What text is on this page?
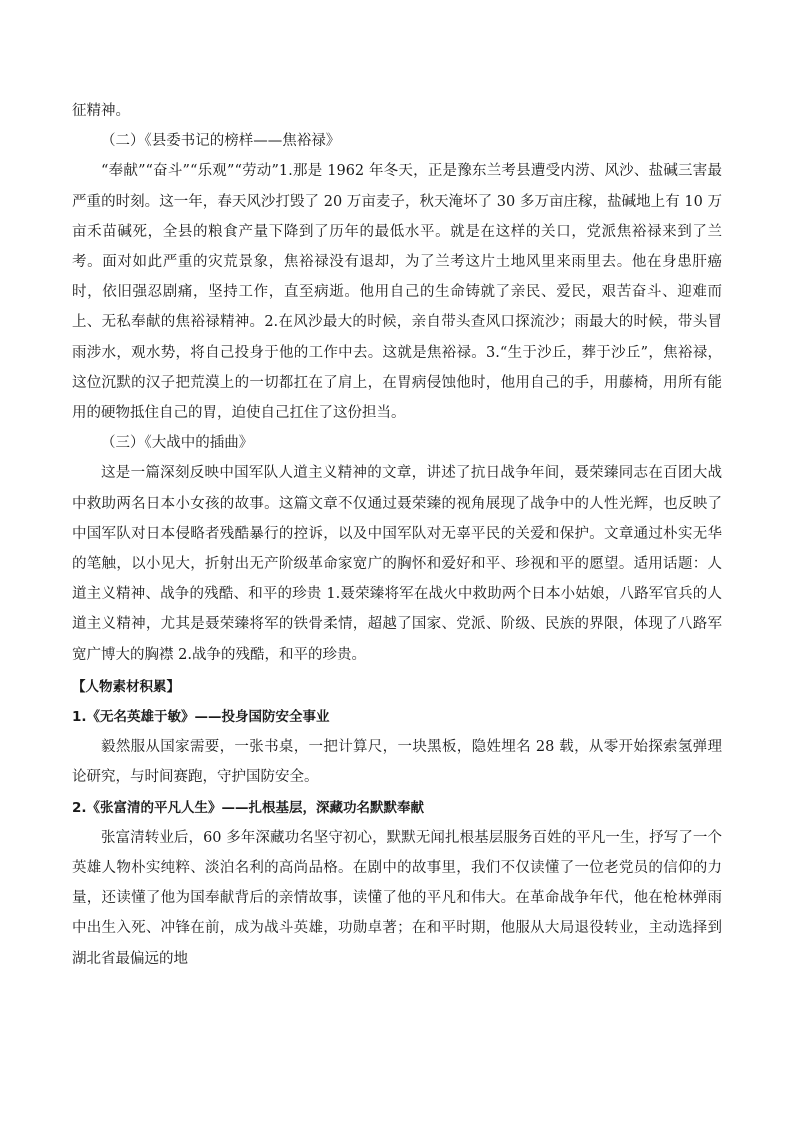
征精神。

（二）《县委书记的榜样——焦裕禄》

“奉献”“奋斗”“乐观”“劳动”1.那是 1962 年冬天，正是豫东兰考县遭受内涝、风沙、盐碱三害最严重的时刻。这一年，春天风沙打毁了 20 万亩麦子，秋天淹坏了 30 多万亩庄稼，盐碱地上有 10 万亩禾苗碱死，全县的粮食产量下降到了历年的最低水平。就是在这样的关口，党派焦裕禄来到了兰考。面对如此严重的灾荒景象，焦裕禄没有退却，为了兰考这片土地风里来雨里去。他在身患肝癌时，依旧强忍剧痛，坚持工作，直至病逝。他用自己的生命铸就了亲民、爱民，艰苦奋斗、迎难而上、无私奉献的焦裕禄精神。2.在风沙最大的时候，亲自带头查风口探流沙；雨最大的时候，带头冒雨涉水，观水势，将自己投身于他的工作中去。这就是焦裕禄。3.“生于沙丘，葬于沙丘”，焦裕禄，这位沉默的汉子把荒漠上的一切都扛在了肩上，在胃病侵蚀他时，他用自己的手，用藤椅，用所有能用的硬物抵住自己的胃，迫使自己扛住了这份担当。

（三）《大战中的插曲》

这是一篇深刻反映中国军队人道主义精神的文章，讲述了抗日战争年间，聂荣臻同志在百团大战中救助两名日本小女孩的故事。这篇文章不仅通过聂荣臻的视角展现了战争中的人性光辉，也反映了中国军队对日本侵略者残酷暴行的控诉，以及中国军队对无辜平民的关爱和保护。文章通过朴实无华的笔触，以小见大，折射出无产阶级革命家宽广的胸怀和爱好和平、珍视和平的愿望。适用话题：人道主义精神、战争的残酷、和平的珍贵 1.聂荣臻将军在战火中救助两个日本小姑娘，八路军官兵的人道主义精神，尤其是聂荣臻将军的铁骨柔情，超越了国家、党派、阶级、民族的界限，体现了八路军宽广博大的胸襟 2.战争的残酷，和平的珍贵。

【人物素材积累】

1.《无名英雄于敏》——投身国防安全事业

毅然服从国家需要，一张书桌，一把计算尺，一块黑板，隐姓埋名 28 载，从零开始探索氢弹理论研究，与时间赛跑，守护国防安全。

2.《张富清的平凡人生》——扎根基层，深藏功名默默奉献

张富清转业后，60 多年深藏功名坚守初心，默默无闻扎根基层服务百姓的平凡一生，抒写了一个英雄人物朴实纯粹、淡泊名利的高尚品格。在剧中的故事里，我们不仅读懂了一位老党员的信仰的力量，还读懂了他为国奉献背后的亲情故事，读懂了他的平凡和伟大。在革命战争年代，他在枪林弹雨中出生入死、冲锋在前，成为战斗英雄，功勋卓著；在和平时期，他服从大局退役转业，主动选择到湖北省最偏远的地
